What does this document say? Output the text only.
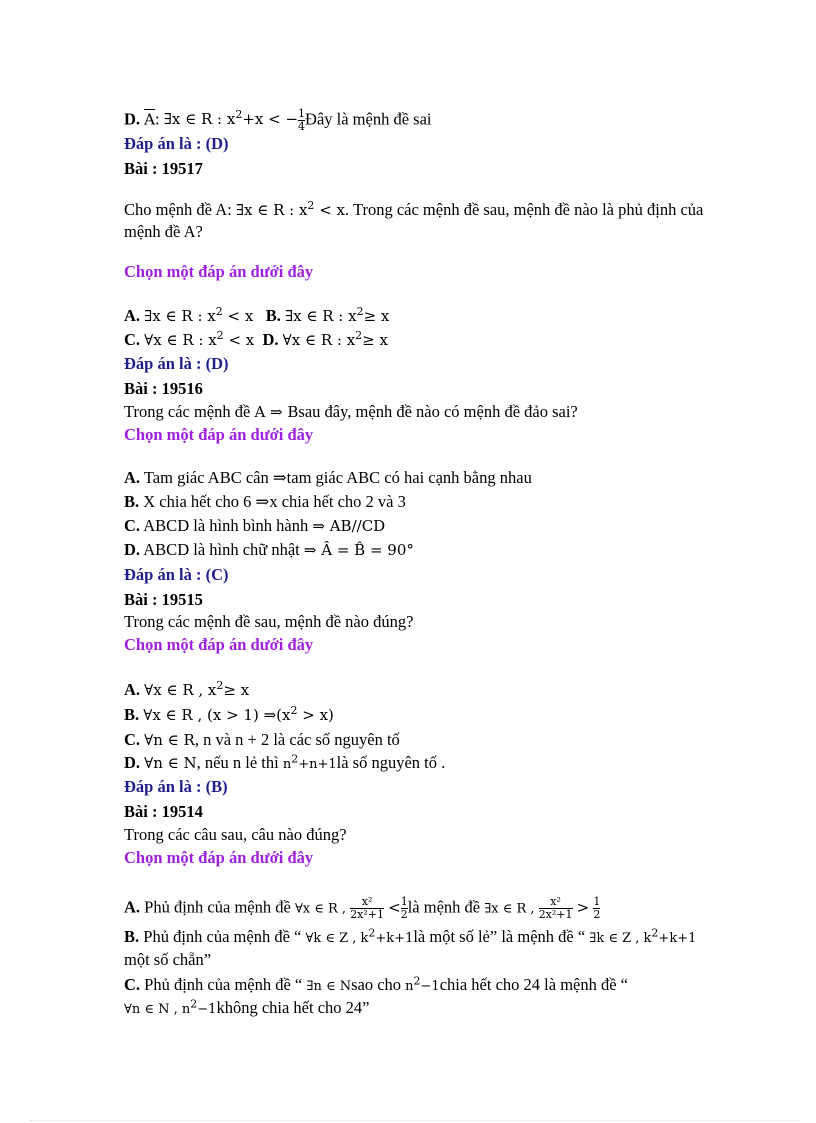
D. $\overline{A}$: ∃x ∈ R : $x^2+x$ < − $\frac{1}{4}$ Đây là mệnh đề sai
Đáp án là : (D)
Bài : 19517
Cho mệnh đề A: ∃x ∈ R : $x^2 < x$. Trong các mệnh đề sau, mệnh đề nào là phủ định của
mệnh đề A?
Chọn một đáp án dưới đây
A. ∃x ∈ R : $x^2 < x$ B. ∃x ∈ R : $x^2\ge x$
C. ∀x ∈ R : $x^2 < x$ D. ∀x ∈ R : $x^2\ge x$
Đáp án là : (D)
Bài : 19516
Trong các mệnh đề A ⇒ Bsau đây, mệnh đề nào có mệnh đề đảo sai?
Chọn một đáp án dưới đây
A. Tam giác ABC cân ⇒tam giác ABC có hai cạnh bằng nhau
B. X chia hết cho 6 ⇒x chia hết cho 2 và 3
C. ABCD là hình bình hành ⇒ AB//CD
D. ABCD là hình chữ nhật ⇒ Â = B̂ = 90°
Đáp án là : (C)
Bài : 19515
Trong các mệnh đề sau, mệnh đề nào đúng?
Chọn một đáp án dưới đây
A. ∀x ∈ R , $x^2\ge x$
B. ∀x ∈ R , (x > 1) $\Rightarrow(x^2 > x)$
C. ∀n ∈ R, n và n + 2 là các số nguyên tố
D. ∀n ∈ N, nếu n lẻ thì $n^2+n+1là$ số nguyên tố .
Đáp án là : (B)
Bài : 19514
Trong các câu sau, câu nào đúng?
Chọn một đáp án dưới đây
A. Phủ định của mệnh đề ∀x ∈ R , $\frac{\text{x²}}{\text{2x²+1}} < \frac{1}{2}$ là mệnh đề ∃x ∈ R , $\frac{\text{x²}}{\text{2x²+1}} > \frac{1}{2}$
B. Phủ định của mệnh đề “ ∀k ∈ Z , $k^2+k+1là$ một số lẻ” là mệnh đề “ ∃k ∈ Z , $k^2+k+1$
một số chẵn”
C. Phủ định của mệnh đề “ ∃n ∈ Nsao cho $n^2-1chia$ hết cho 24 là mệnh đề “
∀n ∈ N , $n^2-1không$ chia hết cho 24”
